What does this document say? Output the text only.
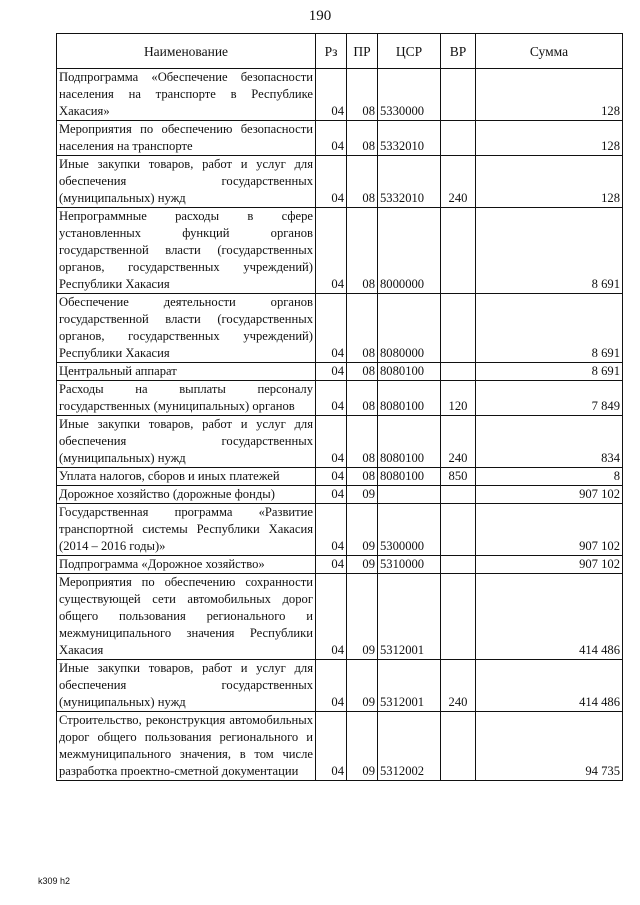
190
Наименование	Рз	ПР	ЦСР	ВР	Сумма
Подпрограмма «Обеспечение безопасности населения на транспорте в Республике Хакасия»	04	08	5330000		128
Мероприятия по обеспечению безопасности населения на транспорте	04	08	5332010		128
Иные закупки товаров, работ и услуг для обеспечения государственных (муниципальных) нужд	04	08	5332010	240	128
Непрограммные расходы в сфере установленных функций органов государственной власти (государственных органов, государственных учреждений) Республики Хакасия	04	08	8000000		8 691
Обеспечение деятельности органов государственной власти (государственных органов, государственных учреждений) Республики Хакасия	04	08	8080000		8 691
Центральный аппарат	04	08	8080100		8 691
Расходы на выплаты персоналу государственных (муниципальных) органов	04	08	8080100	120	7 849
Иные закупки товаров, работ и услуг для обеспечения государственных (муниципальных) нужд	04	08	8080100	240	834
Уплата налогов, сборов и иных платежей	04	08	8080100	850	8
Дорожное хозяйство (дорожные фонды)	04	09			907 102
Государственная программа «Развитие транспортной системы Республики Хакасия (2014 – 2016 годы)»	04	09	5300000		907 102
Подпрограмма «Дорожное хозяйство»	04	09	5310000		907 102
Мероприятия по обеспечению сохранности существующей сети автомобильных дорог общего пользования регионального и межмуниципального значения Республики Хакасия	04	09	5312001		414 486
Иные закупки товаров, работ и услуг для обеспечения государственных (муниципальных) нужд	04	09	5312001	240	414 486
Строительство, реконструкция автомобильных дорог общего пользования регионального и межмуниципального значения, в том числе разработка проектно-сметной документации	04	09	5312002		94 735
k309 h2
